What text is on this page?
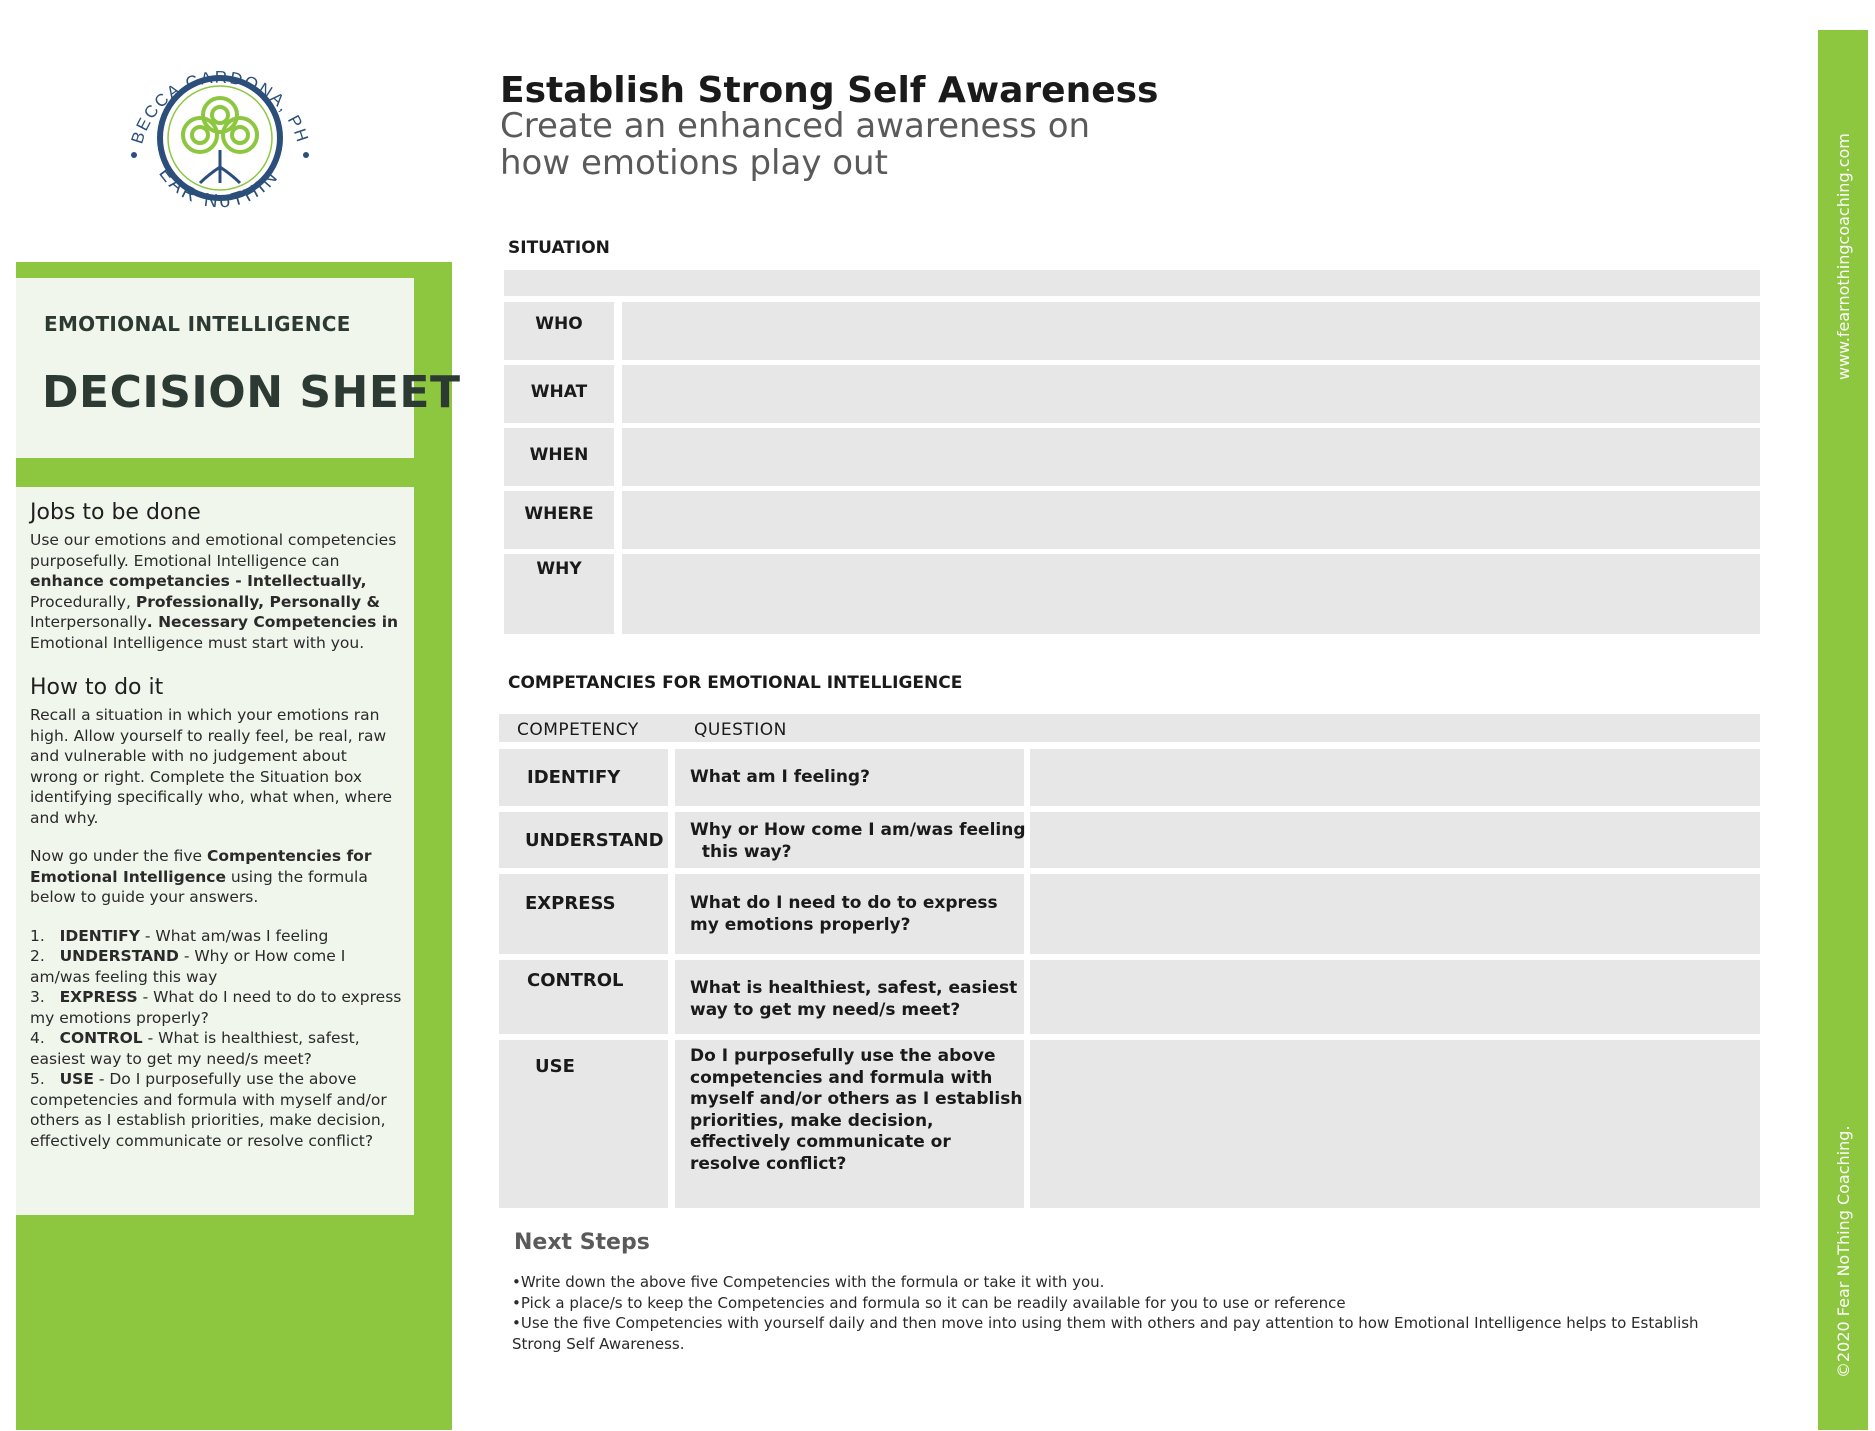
BECCA CARDONA, PH
EAR NoTHIN
EMOTIONAL INTELLIGENCE
DECISION SHEET
Jobs to be done

Use our emotions and emotional competencies
purposefully. Emotional Intelligence can
enhance competancies - Intellectually,
Procedurally, Professionally, Personally &
Interpersonally. Necessary Competencies in
Emotional Intelligence must start with you.

How to do it

Recall a situation in which your emotions ran
high. Allow yourself to really feel, be real, raw
and vulnerable with no judgement about
wrong or right. Complete the Situation box
identifying specifically who, what when, where
and why.

Now go under the five Compentencies for
Emotional Intelligence using the formula
below to guide your answers.

1. IDENTIFY - What am/was I feeling
2. UNDERSTAND - Why or How come I
am/was feeling this way
3. EXPRESS - What do I need to do to express
my emotions properly?
4. CONTROL - What is healthiest, safest,
easiest way to get my need/s meet?
5. USE - Do I purposefully use the above
competencies and formula with myself and/or
others as I establish priorities, make decision,
effectively communicate or resolve conflict?
Establish Strong Self Awareness
Create an enhanced awareness on
how emotions play out
SITUATION
WHO
WHAT
WHEN
WHERE
WHY
COMPETANCIES FOR EMOTIONAL INTELLIGENCE
COMPETENCY	QUESTION
IDENTIFY	What am I feeling?
UNDERSTAND Why or How come I am/was feeling
this way?
EXPRESS	What do I need to do to express
my emotions properly?
CONTROL	What is healthiest, safest, easiest
way to get my need/s meet?
USE	Do I purposefully use the above
competencies and formula with
myself and/or others as I establish
priorities, make decision,
effectively communicate or
resolve conflict?
Next Steps

•Write down the above five Competencies with the formula or take it with you.

•Pick a place/s to keep the Competencies and formula so it can be readily available for you to use or reference

•Use the five Competencies with yourself daily and then move into using them with others and pay attention to how Emotional Intelligence helps to Establish

Strong Self Awareness.

www.fearnothingcoaching.com
©2020 Fear NoThing Coaching.
